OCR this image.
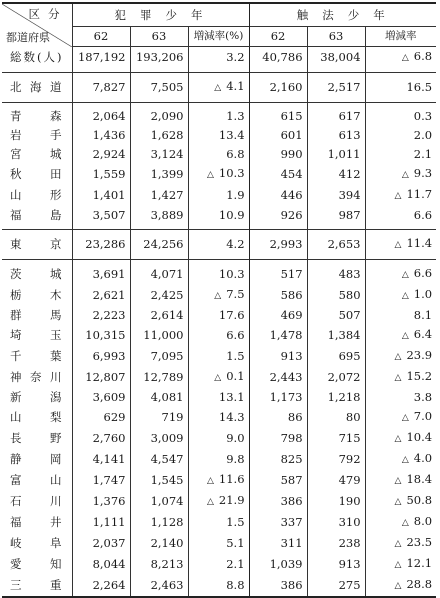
区分
都道府県	犯罪少年			触法少年		
	62	63	増減率(%)	62	63	増減率

総 数 ( 人 )	187,192	193,206	3.2	40,786	38,004	△ 6.8

北 海 道	7,827	7,505	△ 4.1	2,160	2,517	16.5

青 森	2,064	2,090	1.3	615	617	0.3

岩 手	1,436	1,628	13.4	601	613	2.0

宮 城	2,924	3,124	6.8	990	1,011	2.1

秋 田	1,559	1,399	△ 10.3	454	412	△ 9.3

山 形	1,401	1,427	1.9	446	394	△ 11.7

福 島	3,507	3,889	10.9	926	987	6.6

東 京	23,286	24,256	4.2	2,993	2,653	△ 11.4

茨 城	3,691	4,071	10.3	517	483	△ 6.6

栃 木	2,621	2,425	△ 7.5	586	580	△ 1.0

群 馬	2,223	2,614	17.6	469	507	8.1

埼 玉	10,315	11,000	6.6	1,478	1,384	△ 6.4

千 葉	6,993	7,095	1.5	913	695	△ 23.9

神 奈 川	12,807	12,789	△ 0.1	2,443	2,072	△ 15.2

新 潟	3,609	4,081	13.1	1,173	1,218	3.8

山 梨	629	719	14.3	86	80	△ 7.0

長 野	2,760	3,009	9.0	798	715	△ 10.4

静 岡	4,141	4,547	9.8	825	792	△ 4.0

富 山	1,747	1,545	△ 11.6	587	479	△ 18.4

石 川	1,376	1,074	△ 21.9	386	190	△ 50.8

福 井	1,111	1,128	1.5	337	310	△ 8.0

岐 阜	2,037	2,140	5.1	311	238	△ 23.5

愛 知	8,044	8,213	2.1	1,039	913	△ 12.1

三 重	2,264	2,463	8.8	386	275	△ 28.8
